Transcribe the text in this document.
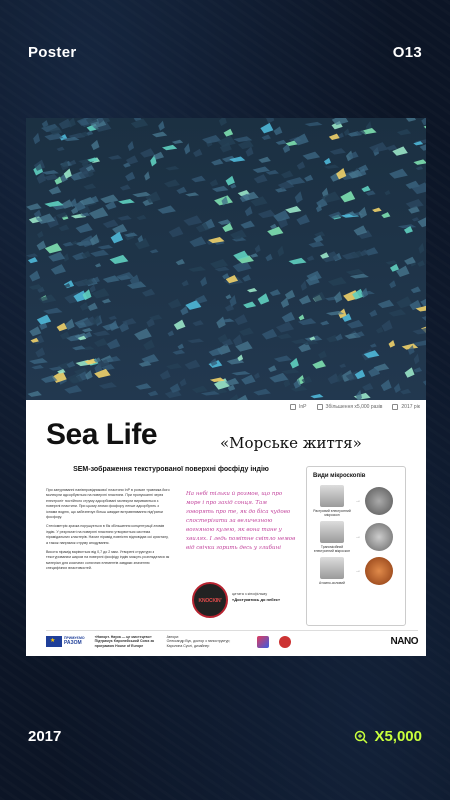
Poster	O13
InP	Збільшення х5,000 разів	2017 рік
Sea Life	«Морське життя»
SEM-зображення текстурованої поверхні фосфіду індію

При занурюванні напівпровідникової пластини InP в розчин травника його молекули адсорбуються на поверхні пластини. При пропусканні через електроліт постійного струму адсорбовані молекули вириваються з поверхні пластини. При цьому атоми фосфору легше адсорбують з іонами водню, що забезпечує більш швидке витравлювання підґратки фосфору.

Стехіометрія зразка порушується в бік збільшення концентрації атомів індію. У результаті на поверхні пластини утворюється система пірамідальних кластерів. Нахил пірамід повністю відповідає осі кристалу, а також напрямок струму анодування.

Висота пірамід варіюється від 0,7 до 2 мкм. Утворені структури з текстурованим шаром на поверхні фосфіду індію можуть розглядатися як матеріал для косичних сонячних елементів завдяки значенню специфічних властивостей.

На небі тільки й розмов, що про море і про захід сонця. Там говорять про те, як до біса чудово спостерігати за величезною вогняною кулею, як вона тане у хвилях. І ледь помітне світло немов від свічки горить десь у глибині
KNOCKIN'
цитата з кінофільму
«Достукатись до небес»
Види мікроскопів
Растровий електронний мікроскоп
→
Трансмісійний електронний мікроскоп
→
Атомно-силовий
→
★
ПРИМУЄМО
РАЗОМ
«Нанорт. Наука — це мистецтво» Підтримує Європейський Союз за програмою House of Europe
Автори:
Олександр Вус, доктор з наноструктур; Каролина Суслі, дизайнер	NANO
2017	X5,000
